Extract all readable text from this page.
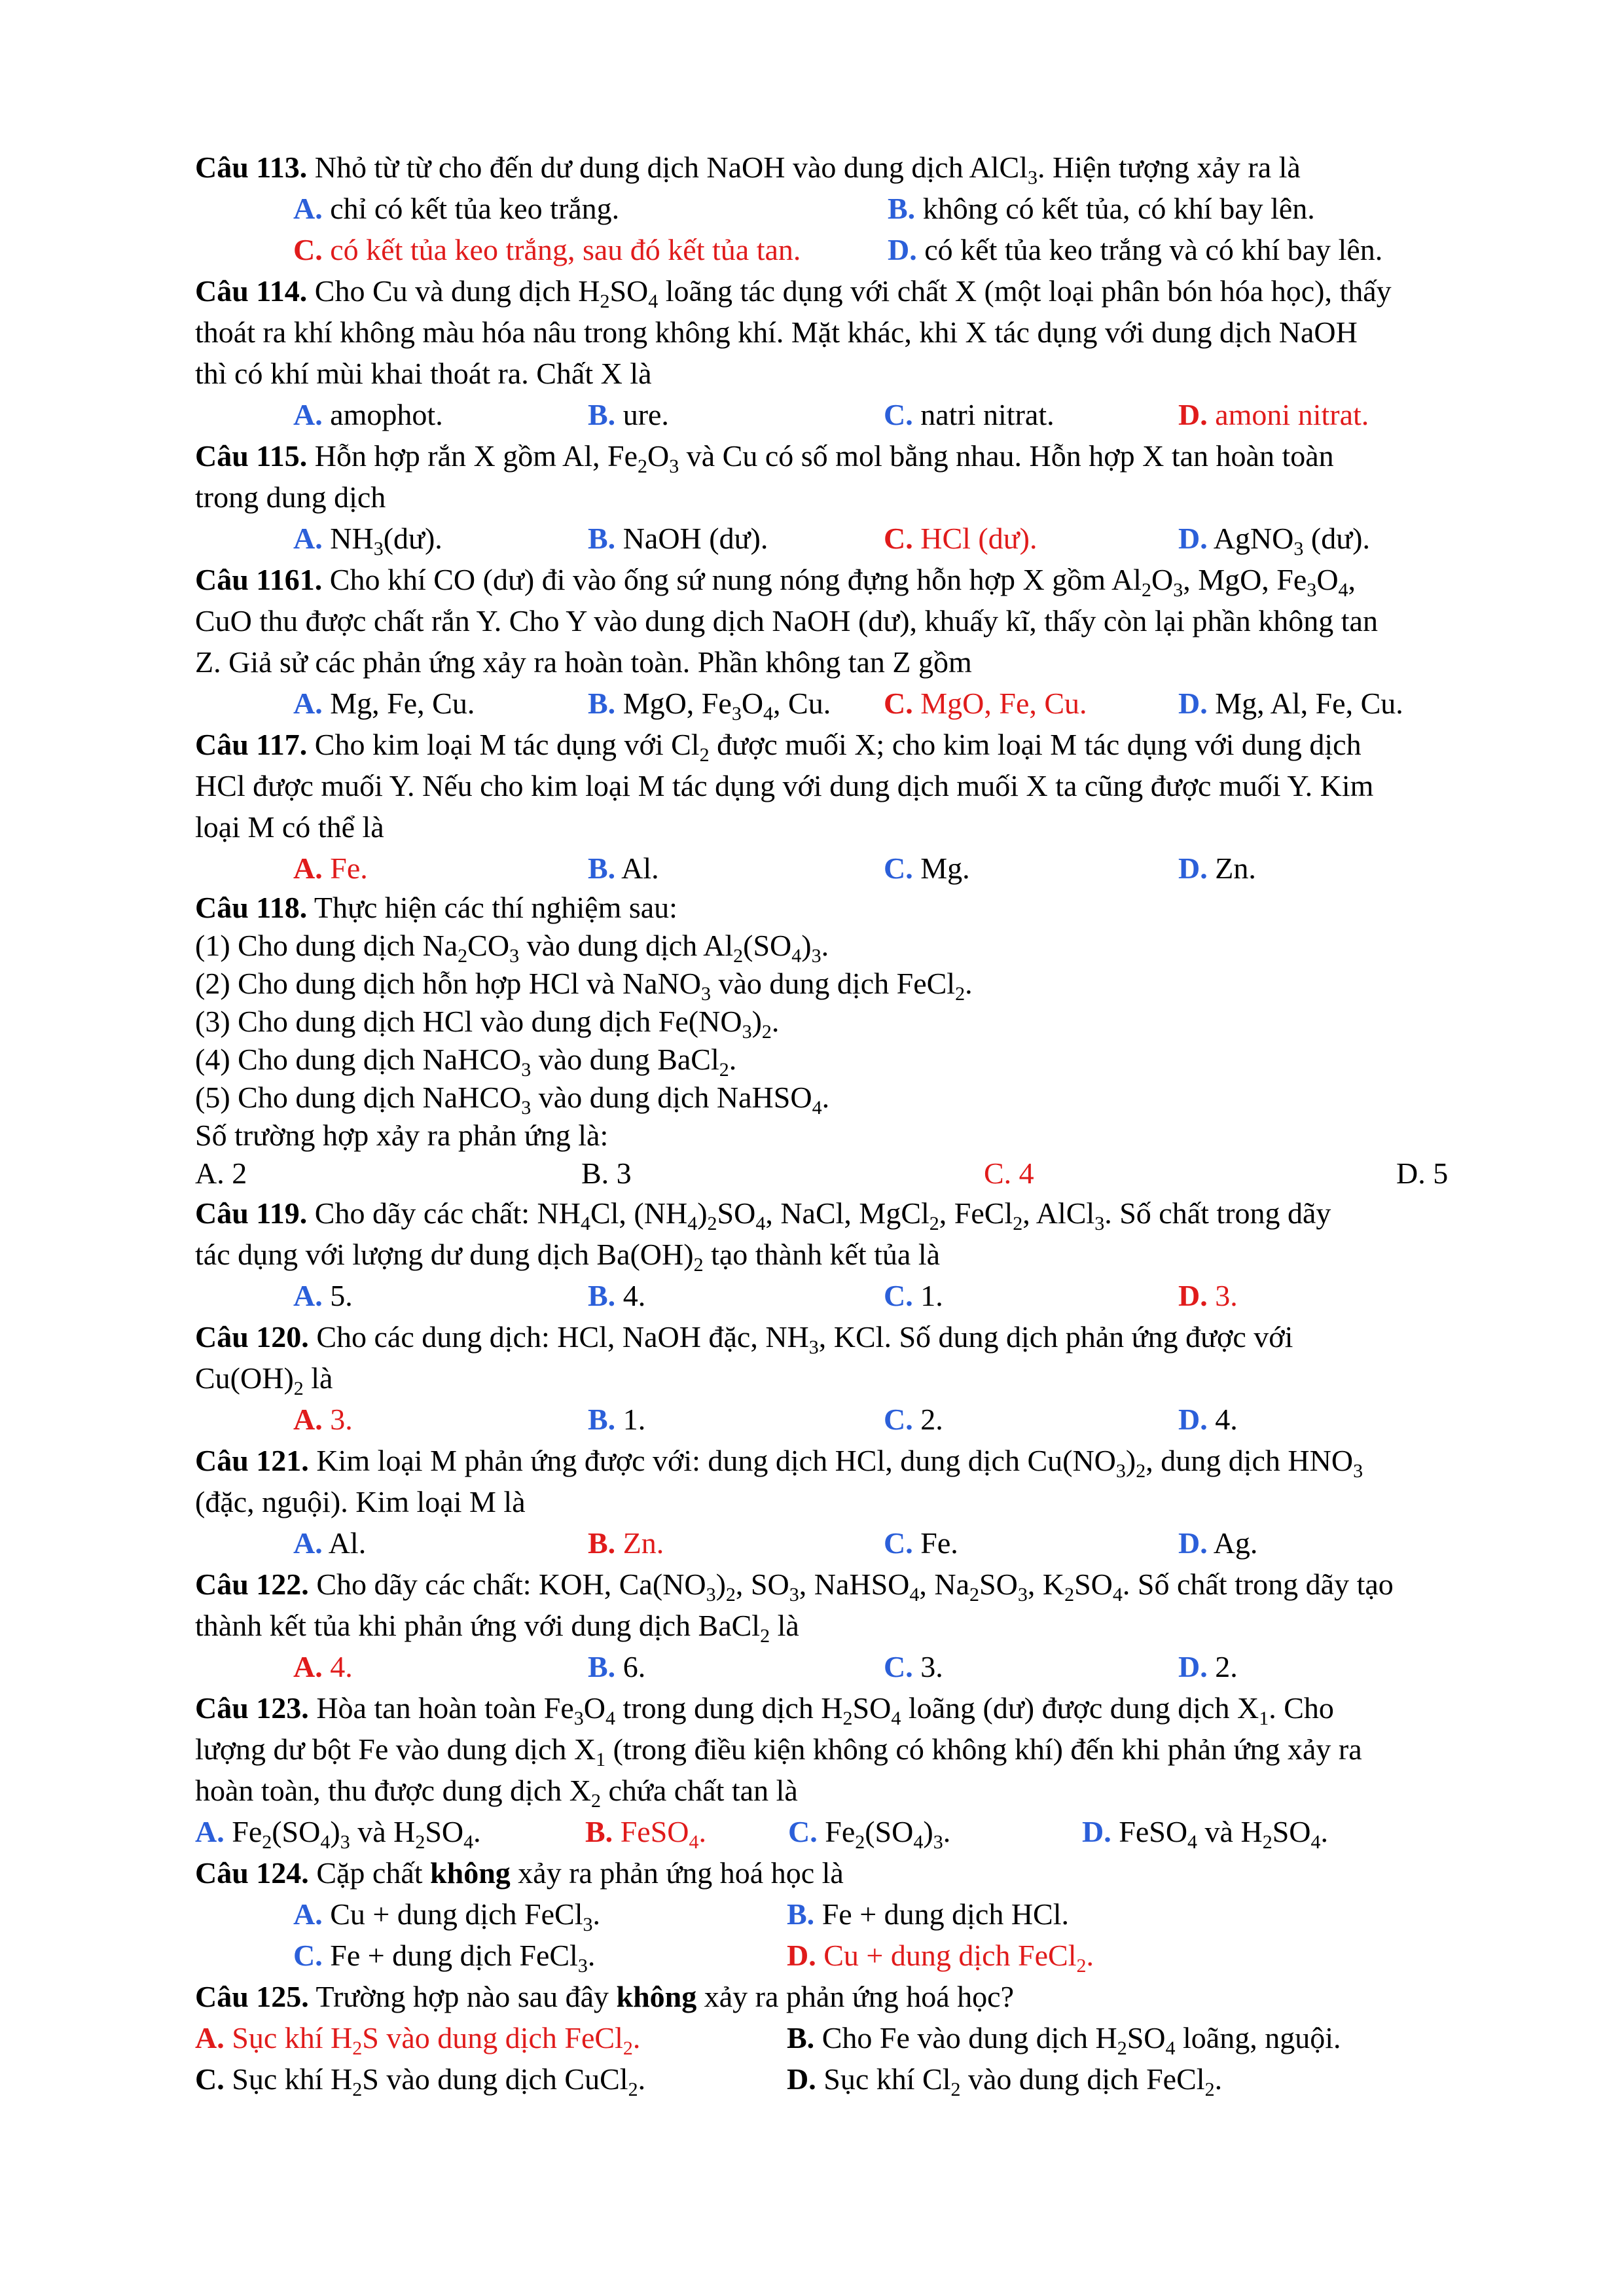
Câu 113. Nhỏ từ từ cho đến dư dung dịch NaOH vào dung dịch AlCl$_3$. Hiện tượng xảy ra là
A. chỉ có kết tủa keo trắng.	B. không có kết tủa, có khí bay lên.
C. có kết tủa keo trắng, sau đó kết tủa tan.	D. có kết tủa keo trắng và có khí bay lên.
Câu 114. Cho Cu và dung dịch $H_2SO_4$ loãng tác dụng với chất X (một loại phân bón hóa học), thấy
thoát ra khí không màu hóa nâu trong không khí. Mặt khác, khi X tác dụng với dung dịch NaOH
thì có khí mùi khai thoát ra. Chất X là
A. amophot.	B. ure.	C. natri nitrat.	D. amoni nitrat.
Câu 115. Hỗn hợp rắn X gồm Al, $Fe_2O_3$ và Cu có số mol bằng nhau. Hỗn hợp X tan hoàn toàn
trong dung dịch
A. $NH_3(dư)$.	B. NaOH (dư).	C. HCl (dư).	D. AgNO$_3$ (dư).
Câu 1161. Cho khí CO (dư) đi vào ống sứ nung nóng đựng hỗn hợp X gồm $Al_2O_3$, MgO, $Fe_3O_4$,
CuO thu được chất rắn Y. Cho Y vào dung dịch NaOH (dư), khuấy kĩ, thấy còn lại phần không tan
Z. Giả sử các phản ứng xảy ra hoàn toàn. Phần không tan Z gồm
A. Mg, Fe, Cu.	B. MgO, $Fe_3O_4$, Cu. C. MgO, Fe, Cu.	D. Mg, Al, Fe, Cu.
Câu 117. Cho kim loại M tác dụng với $Cl_2$ được muối X; cho kim loại M tác dụng với dung dịch
HCl được muối Y. Nếu cho kim loại M tác dụng với dung dịch muối X ta cũng được muối Y. Kim
loại M có thể là
A. Fe.	B. Al.	C. Mg.	D. Zn.
Câu 118. Thực hiện các thí nghiệm sau:
(1) Cho dung dịch $Na_2CO_3$ vào dung dịch $Al_2(SO_4)_3$.
(2) Cho dung dịch hỗn hợp HCl và NaNO$_3$ vào dung dịch FeCl$_2$.
(3) Cho dung dịch HCl vào dung dịch $Fe(NO_3)_2$.
(4) Cho dung dịch NaHCO$_3$ vào dung BaCl$_2$.
(5) Cho dung dịch NaHCO$_3$ vào dung dịch NaHSO$_4$.
Số trường hợp xảy ra phản ứng là:
A. 2	B. 3	C. 4	D. 5
Câu 119. Cho dãy các chất: $NH_4Cl$, $(NH_4)_2SO_4$, NaCl, MgCl$_2$, FeCl$_2$, AlCl$_3$. Số chất trong dãy
tác dụng với lượng dư dung dịch $Ba(OH)_2$ tạo thành kết tủa là
A. 5.	B. 4.	C. 1.	D. 3.
Câu 120. Cho các dung dịch: HCl, NaOH đặc, $NH_3$, KCl. Số dung dịch phản ứng được với
$Cu(OH)_2$ là
A. 3.	B. 1.	C. 2.	D. 4.
Câu 121. Kim loại M phản ứng được với: dung dịch HCl, dung dịch $Cu(NO_3)_2$, dung dịch $HNO_3$
(đặc, nguội). Kim loại M là
A. Al.	B. Zn.	C. Fe.	D. Ag.
Câu 122. Cho dãy các chất: KOH, $Ca(NO_3)_2$, $SO_3$, NaHSO$_4$, $Na_2SO_3$, $K_2SO_4$. Số chất trong dãy tạo
thành kết tủa khi phản ứng với dung dịch BaCl$_2$ là
A. 4.	B. 6.	C. 3.	D. 2.
Câu 123. Hòa tan hoàn toàn $Fe_3O_4$ trong dung dịch $H_2SO_4$ loãng (dư) được dung dịch $X_1$. Cho
lượng dư bột Fe vào dung dịch $X_1$ (trong điều kiện không có không khí) đến khi phản ứng xảy ra
hoàn toàn, thu được dung dịch $X_2$ chứa chất tan là
A. $Fe_2(SO_4)_3$ và $H_2SO_4$.	B. FeSO$_4$.	C. $Fe_2(SO_4)_3$.	D. FeSO$_4$ và $H_2SO_4$.
Câu 124. Cặp chất không xảy ra phản ứng hoá học là
A. Cu + dung dịch FeCl$_3$.	B. Fe + dung dịch HCl.
C. Fe + dung dịch FeCl$_3$.	D. Cu + dung dịch FeCl$_2$.
Câu 125. Trường hợp nào sau đây không xảy ra phản ứng hoá học?
A. Sục khí $H_2S$ vào dung dịch FeCl$_2$.	B. Cho Fe vào dung dịch $H_2SO_4$ loãng, nguội.
C. Sục khí $H_2S$ vào dung dịch CuCl$_2$.	D. Sục khí $Cl_2$ vào dung dịch FeCl$_2$.
